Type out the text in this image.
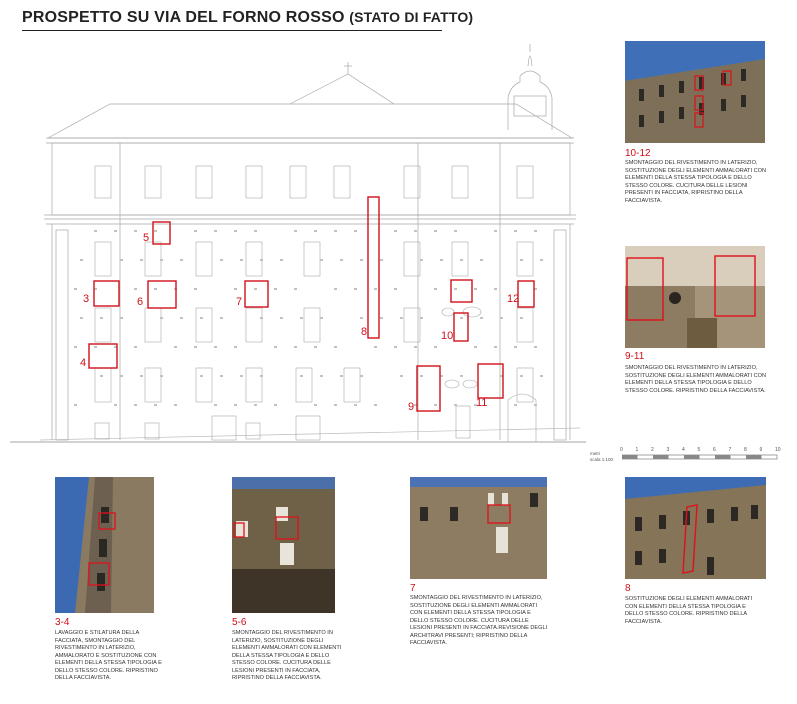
PROSPETTO SU VIA DEL FORNO ROSSO (STATO DI FATTO)
5
3	6	7
8	10
12
4
9	11
metri
scala 1:100
0	1	2	3	4	5	6	7	8	9	10
10-12
SMONTAGGIO DEL RIVESTIMENTO IN LATERIZIO, SOSTITUZIONE DEGLI ELEMENTI AMMALORATI CON ELEMENTI DELLA STESSA TIPOLOGIA E DELLO STESSO COLORE. CUCITURA DELLE LESIONI PRESENTI IN FACCIATA, RIPRISTINO DELLA FACCIAVISTA.
9-11
SMONTAGGIO DEL RIVESTIMENTO IN LATERIZIO, SOSTITUZIONE DEGLI ELEMENTI AMMALORATI CON ELEMENTI DELLA STESSA TIPOLOGIA E DELLO STESSO COLORE. RIPRISTINO DELLA FACCIAVISTA.
3-4
LAVAGGIO E STILATURA DELLA FACCIATA, SMONTAGGIO DEL RIVESTIMENTO IN LATERIZIO, AMMALORATO E SOSTITUZIONE CON ELEMENTI DELLA STESSA TIPOLOGIA E DELLO STESSO COLORE. RIPRISTINO DELLA FACCIAVISTA.
5-6
SMONTAGGIO DEL RIVESTIMENTO IN LATERIZIO, SOSTITUZIONE DEGLI ELEMENTI AMMALORATI CON ELEMENTI DELLA STESSA TIPOLOGIA E DELLO STESSO COLORE. CUCITURA DELLE LESIONI PRESENTI IN FACCIATA, RIPRISTINO DELLA FACCIAVISTA.
7
SMONTAGGIO DEL RIVESTIMENTO IN LATERIZIO, SOSTITUZIONE DEGLI ELEMENTI AMMALORATI CON ELEMENTI DELLA STESSA TIPOLOGIA E DELLO STESSO COLORE. CUCITURA DELLE LESIONI PRESENTI IN FACCIATA.REVISIONE DEGLI ARCHITRAVI PRESENTI; RIPRISTINO DELLA FACCIAVISTA.
8
SOSTITUZIONE DEGLI ELEMENTI AMMALORATI CON ELEMENTI DELLA STESSA TIPOLOGIA E DELLO STESSO COLORE. RIPRISTINO DELLA FACCIAVISTA.
